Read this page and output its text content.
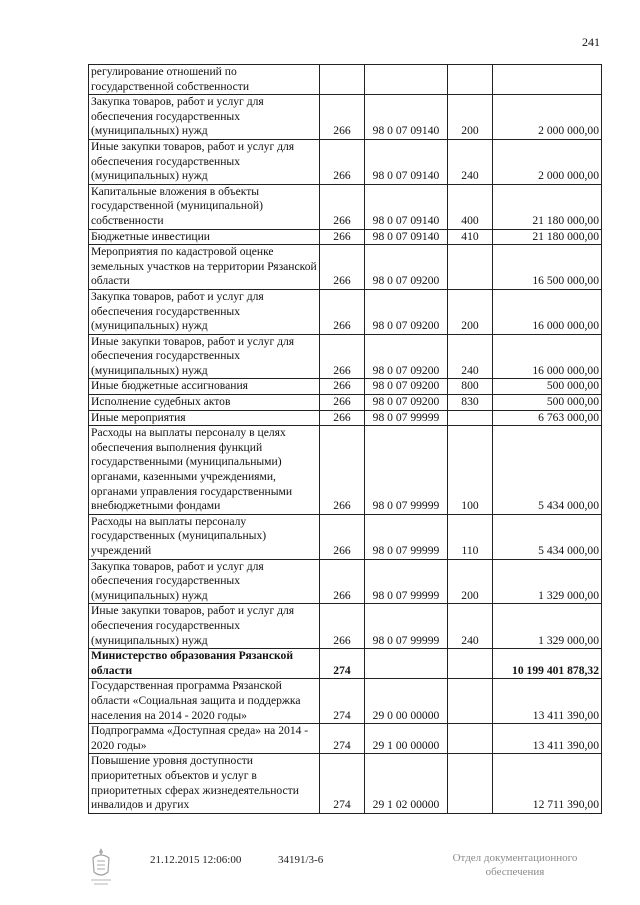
241
регулирование отношений по государственной собственности				
Закупка товаров, работ и услуг для обеспечения государственных (муниципальных) нужд	266	98 0 07 09140	200	2 000 000,00
Иные закупки товаров, работ и услуг для обеспечения государственных (муниципальных) нужд	266	98 0 07 09140	240	2 000 000,00
Капитальные вложения в объекты государственной (муниципальной) собственности	266	98 0 07 09140	400	21 180 000,00
Бюджетные инвестиции	266	98 0 07 09140	410	21 180 000,00
Мероприятия по кадастровой оценке земельных участков на территории Рязанской области	266	98 0 07 09200		16 500 000,00
Закупка товаров, работ и услуг для обеспечения государственных (муниципальных) нужд	266	98 0 07 09200	200	16 000 000,00
Иные закупки товаров, работ и услуг для обеспечения государственных (муниципальных) нужд	266	98 0 07 09200	240	16 000 000,00
Иные бюджетные ассигнования	266	98 0 07 09200	800	500 000,00
Исполнение судебных актов	266	98 0 07 09200	830	500 000,00
Иные мероприятия	266	98 0 07 99999		6 763 000,00
Расходы на выплаты персоналу в целях обеспечения выполнения функций государственными (муниципальными) органами, казенными учреждениями, органами управления государственными внебюджетными фондами	266	98 0 07 99999	100	5 434 000,00
Расходы на выплаты персоналу государственных (муниципальных) учреждений	266	98 0 07 99999	110	5 434 000,00
Закупка товаров, работ и услуг для обеспечения государственных (муниципальных) нужд	266	98 0 07 99999	200	1 329 000,00
Иные закупки товаров, работ и услуг для обеспечения государственных (муниципальных) нужд	266	98 0 07 99999	240	1 329 000,00
Министерство образования Рязанской области	274			10 199 401 878,32
Государственная программа Рязанской области «Социальная защита и поддержка населения на 2014 - 2020 годы»	274	29 0 00 00000		13 411 390,00
Подпрограмма «Доступная среда» на 2014 - 2020 годы»	274	29 1 00 00000		13 411 390,00
Повышение уровня доступности приоритетных объектов и услуг в приоритетных сферах жизнедеятельности инвалидов и других	274	29 1 02 00000		12 711 390,00
21.12.2015 12:06:00	34191/3-6	Отдел документационного обеспечения
